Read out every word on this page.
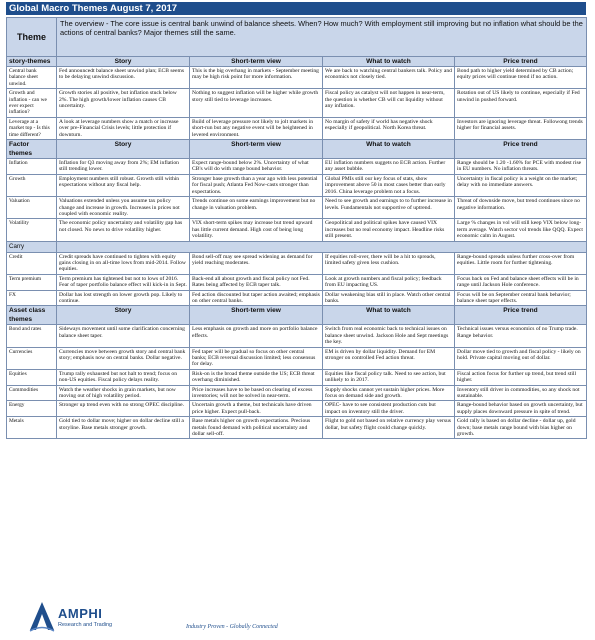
Global Macro Themes August 7, 2017
Theme	The overview - The core issue is central bank unwind of balance sheets. When? How much? With employment still improving but no inflation what should be the actions of central banks? Major themes still the same.			
story-themes	Story	Short-term view	What to watch	Price trend
Central bank balance sheet unwind.	Fed announcedt balance sheet unwind plan; ECB seems to be delaying unwind discussion.	This is the big overhang in markets - September meeting may be high risk point for more information.	We are back to watching central bankers talk. Policy and economics not closely tied.	Bond path to higher yield determined by CB action; equity prices will continue trend if no action.
Growth and inflation - can we ever expect inflation?	Growth stories all positive, but inflation stuck below 2%. The high growth/lower inflation causes CB uncertainty.	Nothing to suggest inflation will be higher while growth story still tied to leverage increases.	Fiscal policy as catalyst will not happen in near-term, the question is whether CB will cut liquidity without any inflation.	Rotation out of US likely to continue, especially if Fed unwind in pushed forward.
Leverage at a market top - Is this time different?	A look at leverage numbers show a match or increase over pre-Financial Crisis levels; little protection if downturn.	Build of leverage pressure not likely to jolt markets in short-run but any negative event will be heightened in levered environment.	No margin of safety if world has negative shock especially if geopolitical. North Korea threat.	Investors are ignoring leverage threat. Followong trends higher for financial assets.
Factor themes	Story	Short-term view	What to watch	Price trend
Inflation	Inflation for Q3 moving away from 2%; EM inflation still trending lower.	Expect range-bound below 2%. Uncertainty of what CB's will do with range bound behavior.	EU inflation numbers suggets no ECB action. Further any asset bubble.	Range should be 1.20 -1.60% for PCE with modest rise in EU numbers. No inflation threats.
Growth	Employment numbers still robust. Growth still within expectations without any fiscal help.	Stronger base growth than a year ago with less potential for fiscal push; Atlanta Fed Now-casts stronger than expectations.	Global PMIs still our key focus of stats, show improvement above 50 in most cases better than early 2016. China leverage problem not a focus.	Uncertainty in fiscal policy is a weight on the market; delay with no immediate answers.
Valuation	Valuations extended unless you assume tax policy change and increase in growth. Increases in prices not coupled with economic reality.	Trends continue on some earnings improvement but no change in valuation problem.	Need to see growth and earnings to to further increase in levels. Fundamentals not supportive of uptrend.	Threat of downside move, but trend continues since no negative information.
Volatility	The economic policy uncertainty and volatility gap has not closed. No news to drive volatility higher.	VIX short-term spikes may increase but trend upward has little current demand. High cost of being long volatility.	Geopolitical and political spikes have caused VIX increases but no real economy impact. Headline risks still present.	Large % changes in vol will still keep VIX below long-term average. Watch sector vol trends like QQQ. Expect economic calm in August.
Carry				
Credit	Credit spreads have continued to tighten with equity gains closing in on all-time lows from mid-2014. Follow equities.	Bond sell-off may see spread widening as demand for yield reaching moderates.	If equities roll-over, there will be a hit to spreads, limited safety given less cushion.	Range-bound spreads unless further cross-over from equities. Little room for further tightening.
Term premium	Term premium has tightened but not to lows of 2016. Fear of taper portfolio balance effect will kick-in in Sept.	Back-end all about growth and fiscal policy not Fed. Rates being affected by ECB taper talk.	Look at growth numbers and fiscal policy; feedback from EU impacting US.	Focus back on Fed and balance sheet effects will be in range until Jackson Hole conference.
FX	Dollar has lost strength on lower growth pop. Likely to continue.	Fed action discounted but taper action awaited; emphasis on other central banks.	Dollar weakening bias still in place. Watch other central banks.	Focus will be on September central bank behavior; balance sheet taper effects.
Asset class themes	Story	Short-term view	What to watch	Price trend
Bond and rates	Sideways movement until some clarification concerning balance sheet taper.	Less emphasis on growth and more on portfolio balance effects.	Switch from real economic back to technical issues on balance sheet unwind. Jackson Hole and Sept meetings the key.	Technical issues versus economics of no Trump trade. Range behavior.
Currencies	Currencies move between growth story and central bank story; emphasis now on central banks. Dollar negative.	Fed taper will be gradual so focus on other central banks; ECB reversal discussion limited; less consensus for delay.	EM is driven by dollar liquidity. Demand for EM stronger on controlled Fed action threat.	Dollar move tied to growth and fiscal policy - likely on hold. Private capital moving out of dollar.
Equities	Trump rally exhausted but not halt to trend; focus on non-US equities. Fiscal policy delays reality.	Risk-on is the broad theme outside the US; ECB threat overhang diminished.	Equities like fiscal policy talk. Need to see action, but unlikely to in 2017.	Fiscal action focus for further up trend, but trend still higher.
Commodities	Watch the weather shocks in grain markets, but now moving out of high volatility period.	Price increases have to be based on clearing of excess inventories; will not be solved in near-term.	Supply shocks cannot yet sustain higher prices. More focus on demand side and growth.	Inventory still driver in commodities, so any shock not sustainable.
Energy	Stronger up trend even with no strong OPEC discipline.	Uncertain growth a theme, but technicals have driven price higher. Expect pull-back.	OPEC- have to see consistent production cuts but impact on inventory still the driver.	Range-bound behavior based on growth uncertainty, but supply places downward pressure in spite of trend.
Metals	Gold tied to dollar move; higher on dollar decline still a storyline. Base metals stronger growth.	Base metals higher on growth expectations. Precious metals found demand with political uncertainty and dollar sell-off.	Flight to gold not based on relative currency play versus dollar, but safety flight could change quickly.	Gold rally is based on dollar decline - dollar up, gold down; base metals range bound with bias higher on growth.
AMPHI
Research and Trading	Industry Proven - Globally Connected
